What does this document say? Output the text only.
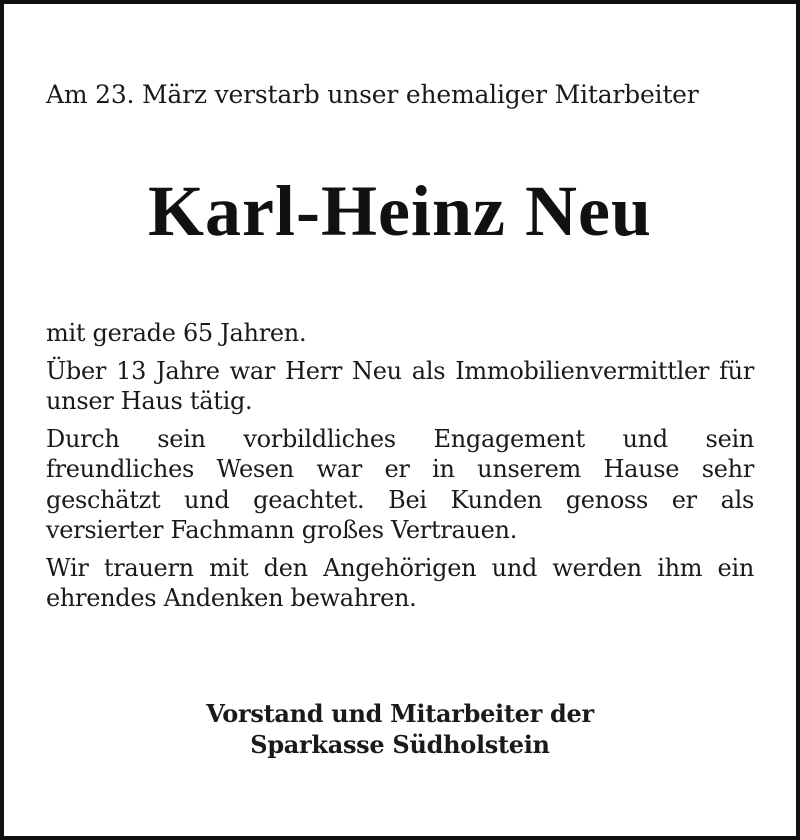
Am 23. März verstarb unser ehemaliger Mitarbeiter
Karl-Heinz Neu

mit gerade 65 Jahren.

Über 13 Jahre war Herr Neu als Immobilienvermittler für unser Haus tätig.

Durch sein vorbildliches Engagement und sein freundliches Wesen war er in unserem Hause sehr geschätzt und geachtet. Bei Kunden genoss er als versierter Fachmann großes Vertrauen.

Wir trauern mit den Angehörigen und werden ihm ein ehrendes Andenken bewahren.

Vorstand und Mitarbeiter der
Sparkasse Südholstein
